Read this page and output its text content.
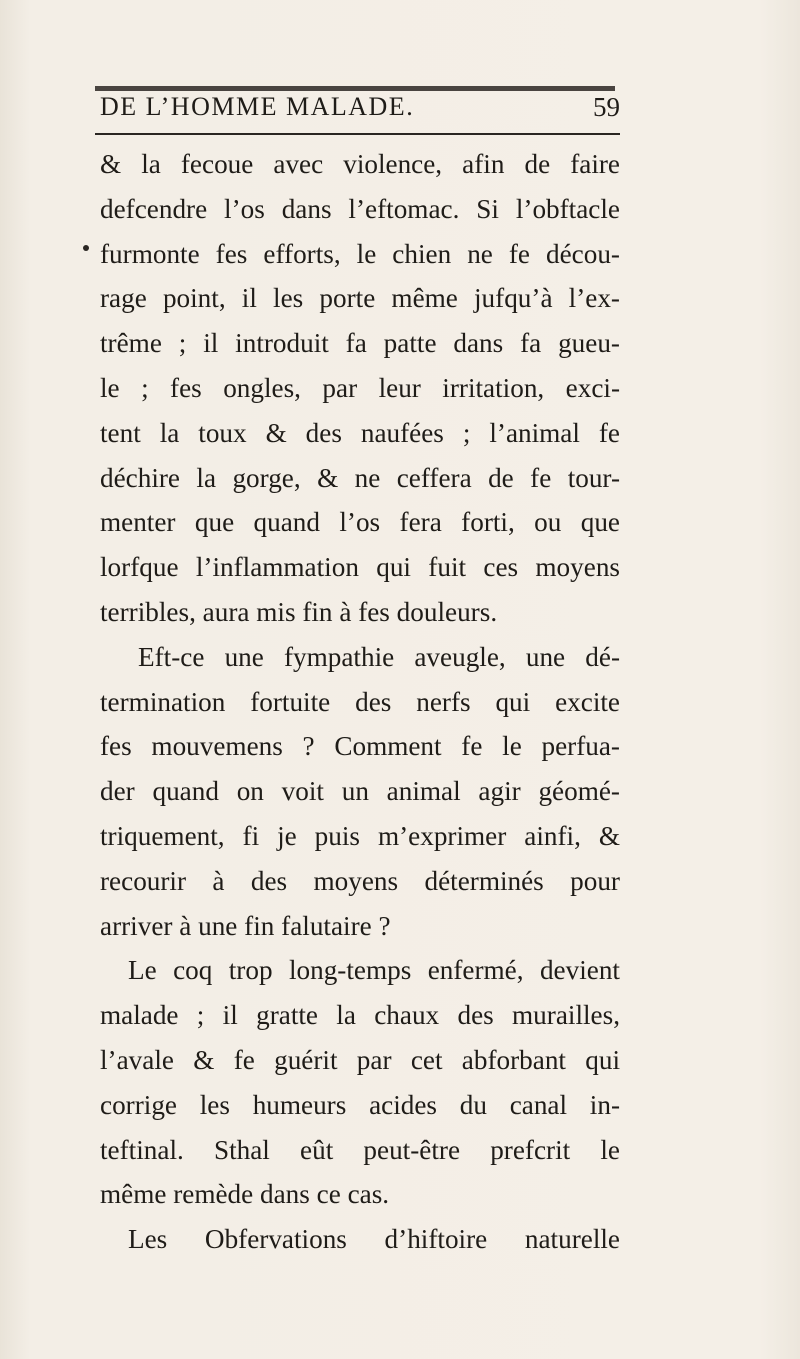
DE L’HOMME MALADE.	59
& la fecoue avec violence, afin de faire
defcendre l’os dans l’eftomac. Si l’obftacle
furmonte fes efforts, le chien ne fe décou-
rage point, il les porte même jufqu’à l’ex-
trême ; il introduit fa patte dans fa gueu-
le ; fes ongles, par leur irritation, exci-
tent la toux & des naufées ; l’animal fe
déchire la gorge, & ne ceffera de fe tour-
menter que quand l’os fera forti, ou que
lorfque l’inflammation qui fuit ces moyens
terribles, aura mis fin à fes douleurs.
Eft-ce une fympathie aveugle, une dé-
termination fortuite des nerfs qui excite
fes mouvemens ? Comment fe le perfua-
der quand on voit un animal agir géomé-
triquement, fi je puis m’exprimer ainfi, &
recourir à des moyens déterminés pour
arriver à une fin falutaire ?
Le coq trop long-temps enfermé, devient
malade ; il gratte la chaux des murailles,
l’avale & fe guérit par cet abforbant qui
corrige les humeurs acides du canal in-
teftinal. Sthal eût peut-être prefcrit le
même remède dans ce cas.
Les Obfervations d’hiftoire naturelle
